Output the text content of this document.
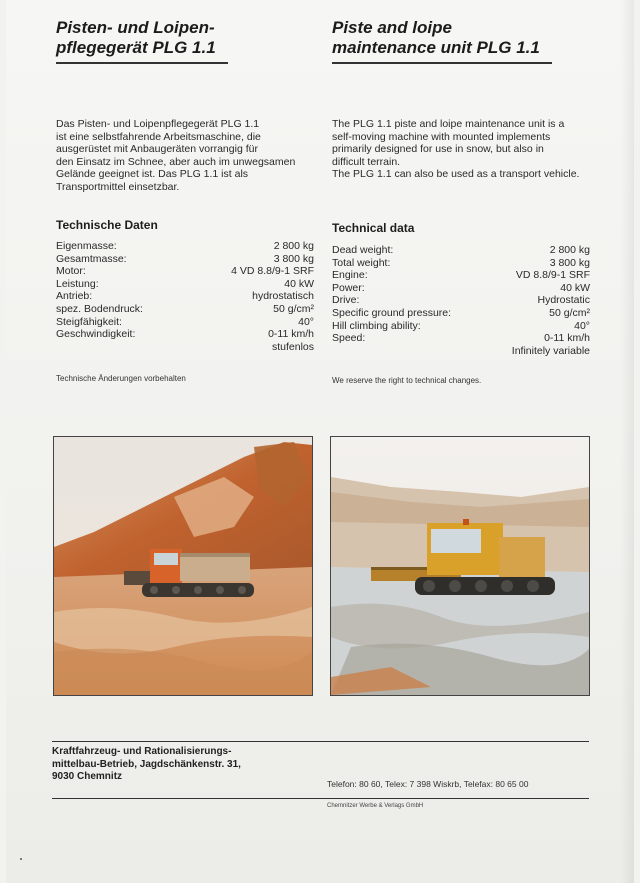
Pisten- und Loipen-
pflegegerät PLG 1.1
Das Pisten- und Loipenpflegegerät PLG 1.1
ist eine selbstfahrende Arbeitsmaschine, die
ausgerüstet mit Anbaugeräten vorrangig für
den Einsatz im Schnee, aber auch im unwegsamen
Gelände geeignet ist. Das PLG 1.1 ist als
Transportmittel einsetzbar.
Technische Daten
Eigenmasse:	2 800 kg
Gesamtmasse:	3 800 kg
Motor:	4 VD 8.8/9-1 SRF
Leistung:	40 kW
Antrieb:	hydrostatisch
spez. Bodendruck:	50 g/cm²
Steigfähigkeit:	40°
Geschwindigkeit:	0-11 km/h
stufenlos
Technische Änderungen vorbehalten
Piste and loipe
maintenance unit PLG 1.1
The PLG 1.1 piste and loipe maintenance unit is a
self-moving machine with mounted implements
primarily designed for use in snow, but also in
difficult terrain.
The PLG 1.1 can also be used as a transport vehicle.
Technical data
Dead weight:	2 800 kg
Total weight:	3 800 kg
Engine:	VD 8.8/9-1 SRF
Power:	40 kW
Drive:	Hydrostatic
Specific ground pressure:	50 g/cm²
Hill climbing ability:	40°
Speed:	0-11 km/h
Infinitely variable
We reserve the right to technical changes.
Kraftfahrzeug- und Rationalisierungs-
mittelbau-Betrieb, Jagdschänkenstr. 31,
9030 Chemnitz
Telefon: 80 60, Telex: 7 398 Wiskrb, Telefax: 80 65 00
Chemnitzer Werbe & Verlags GmbH
